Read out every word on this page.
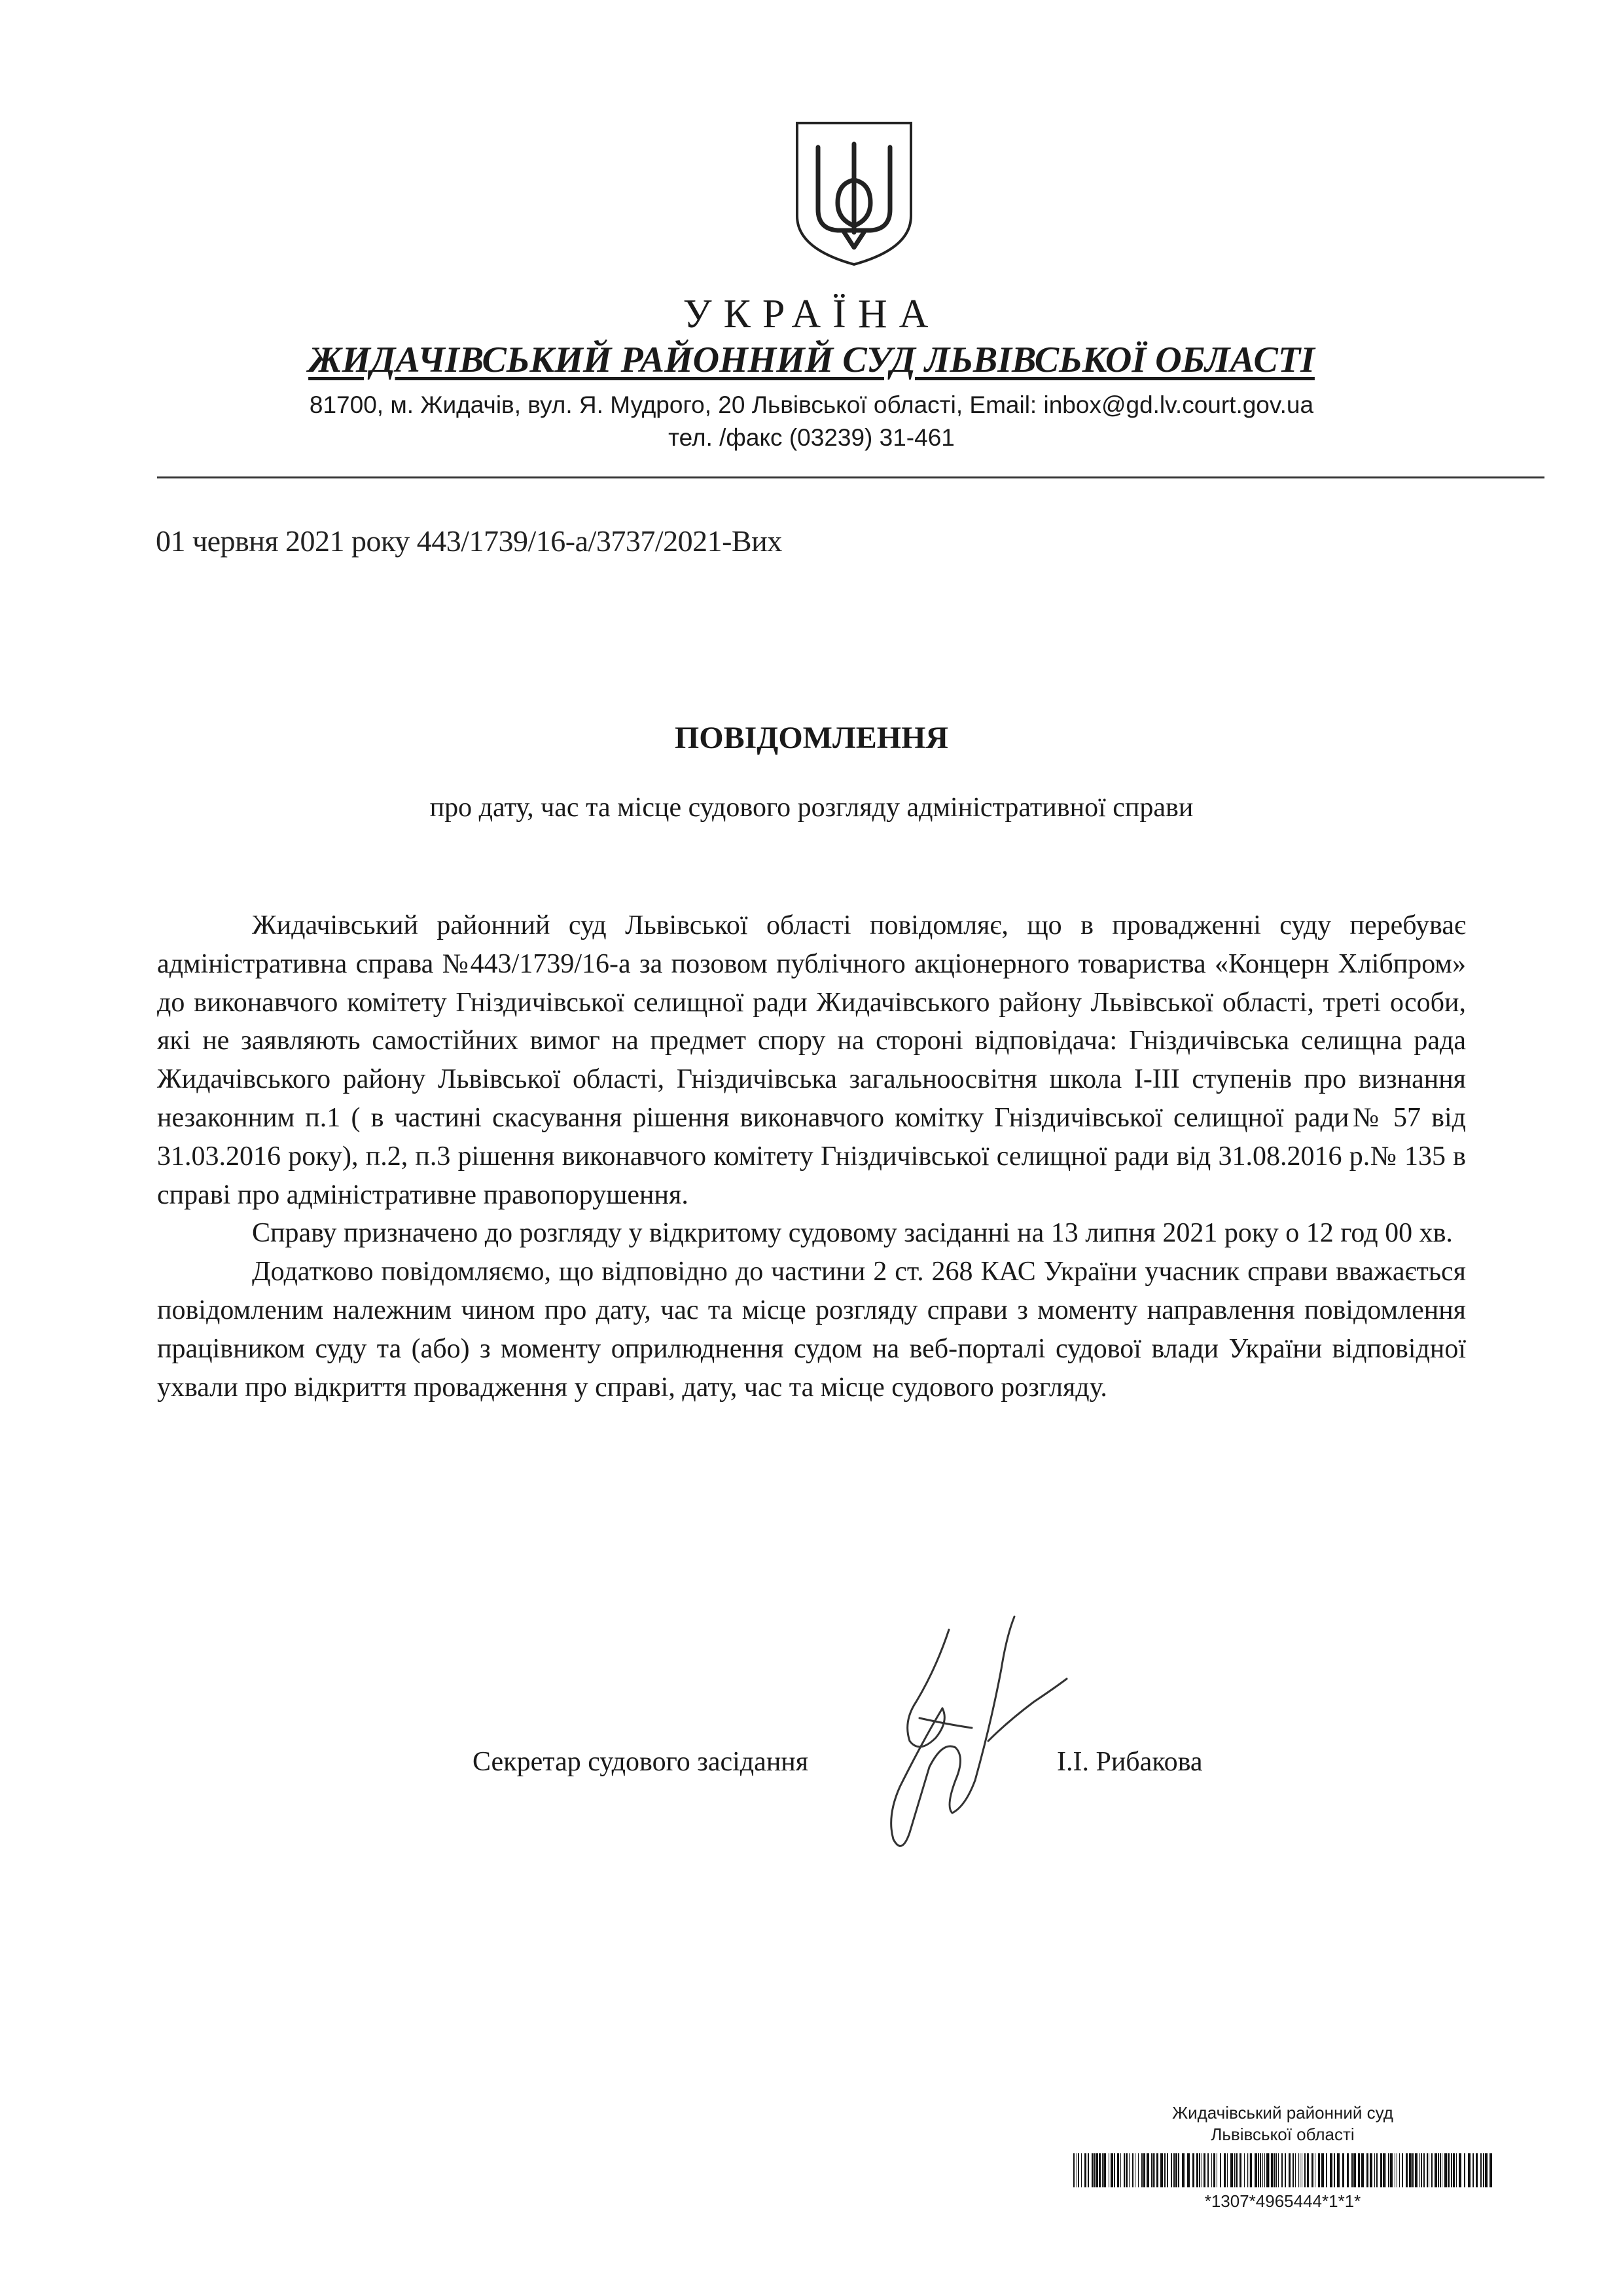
УКРАЇНА
ЖИДАЧІВСЬКИЙ РАЙОННИЙ СУД ЛЬВІВСЬКОЇ ОБЛАСТІ
81700, м. Жидачів, вул. Я. Мудрого, 20 Львівської області, Email: inbox@gd.lv.court.gov.ua
тел. /факс (03239) 31-461
01 червня 2021 року 443/1739/16-а/3737/2021-Вих
ПОВІДОМЛЕННЯ
про дату, час та місце судового розгляду адміністративної справи

Жидачівський районний суд Львівської області повідомляє, що в провадженні суду перебуває адміністративна справа №443/1739/16-а за позовом публічного акціонерного товариства «Концерн Хлібпром» до виконавчого комітету Гніздичівської селищної ради Жидачівського району Львівської області, треті особи, які не заявляють самостійних вимог на предмет спору на стороні відповідача: Гніздичівська селищна рада Жидачівського району Львівської області, Гніздичівська загальноосвітня школа І-ІІІ ступенів про визнання незаконним п.1 ( в частині скасування рішення виконавчого комітку Гніздичівської селищної ради№ 57 від 31.03.2016 року), п.2, п.3 рішення виконавчого комітету Гніздичівської селищної ради від 31.08.2016 р.№ 135 в справі про адміністративне правопорушення.

Справу призначено до розгляду у відкритому судовому засіданні на 13 липня 2021 року о 12 год 00 хв.

Додатково повідомляємо, що відповідно до частини 2 ст. 268 КАС України учасник справи вважається повідомленим належним чином про дату, час та місце розгляду справи з моменту направлення повідомлення працівником суду та (або) з моменту оприлюднення судом на веб-порталі судової влади України відповідної ухвали про відкриття провадження у справі, дату, час та місце судового розгляду.

Секретар судового засідання	І.І. Рибакова
Жидачівський районний суд
Львівської області
*1307*4965444*1*1*
